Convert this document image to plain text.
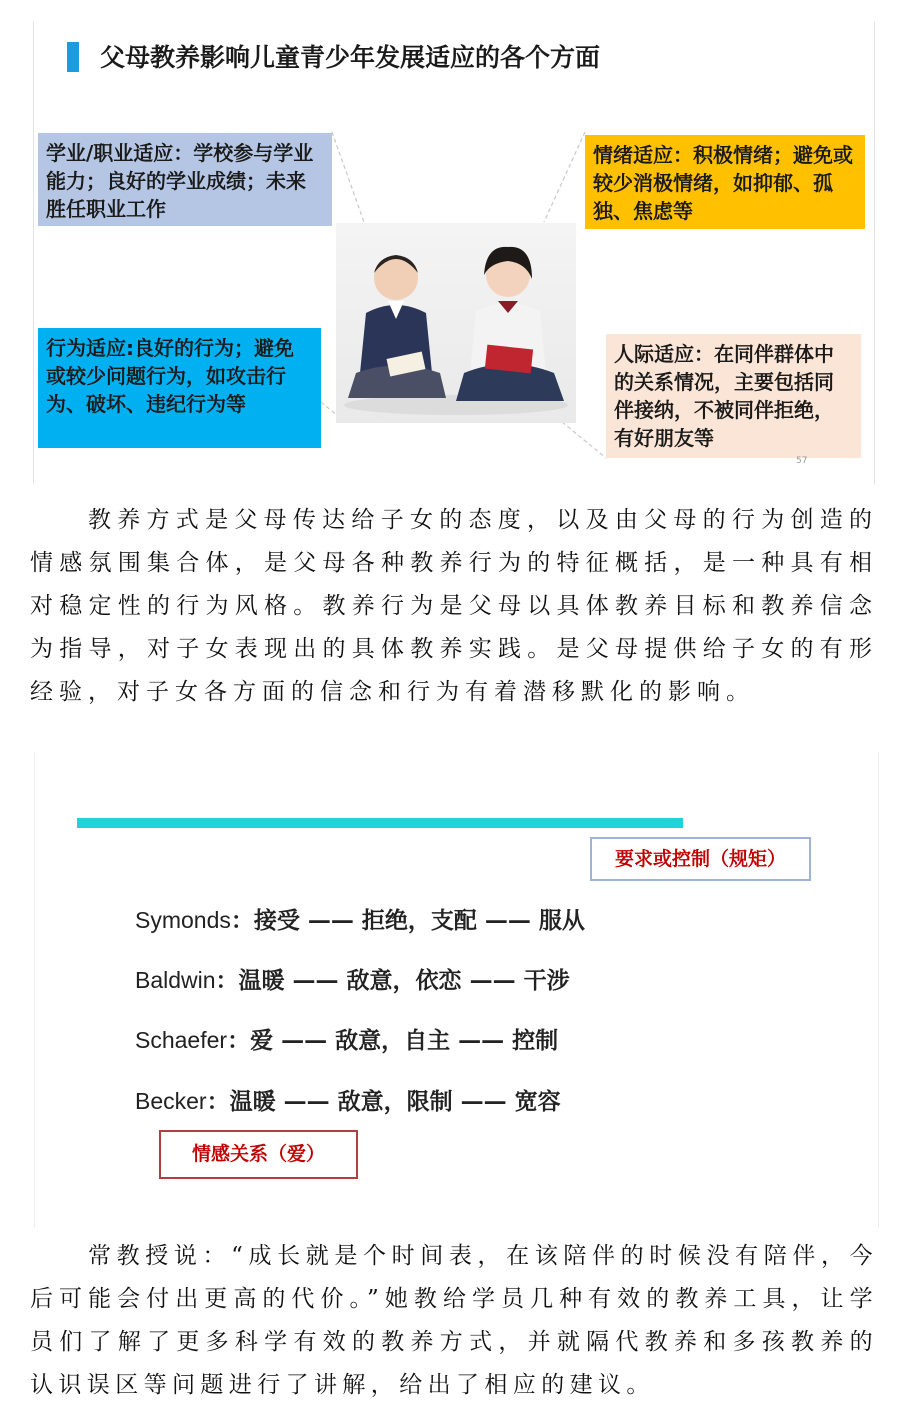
父母教养影响儿童青少年发展适应的各个方面
学业/职业适应：学校参与学业能力；良好的学业成绩；未来胜任职业工作
情绪适应：积极情绪；避免或较少消极情绪，如抑郁、孤独、焦虑等
行为适应:良好的行为；避免或较少问题行为，如攻击行为、破坏、违纪行为等
人际适应：在同伴群体中的关系情况，主要包括同伴接纳，不被同伴拒绝，有好朋友等
57

教养方式是父母传达给子女的态度，以及由父母的行为创造的情感氛围集合体，是父母各种教养行为的特征概括，是一种具有相对稳定性的行为风格。教养行为是父母以具体教养目标和教养信念为指导，对子女表现出的具体教养实践。是父母提供给子女的有形经验，对子女各方面的信念和行为有着潜移默化的影响。

要求或控制（规矩）
Symonds：接受 —— 拒绝，支配 —— 服从
Baldwin：温暖 —— 敌意，依恋 —— 干涉
Schaefer：爱 —— 敌意，自主 —— 控制
Becker：温暖 —— 敌意，限制 —— 宽容
情感关系（爱）

常教授说：“成长就是个时间表，在该陪伴的时候没有陪伴，今后可能会付出更高的代价。”她教给学员几种有效的教养工具，让学员们了解了更多科学有效的教养方式，并就隔代教养和多孩教养的认识误区等问题进行了讲解，给出了相应的建议。
